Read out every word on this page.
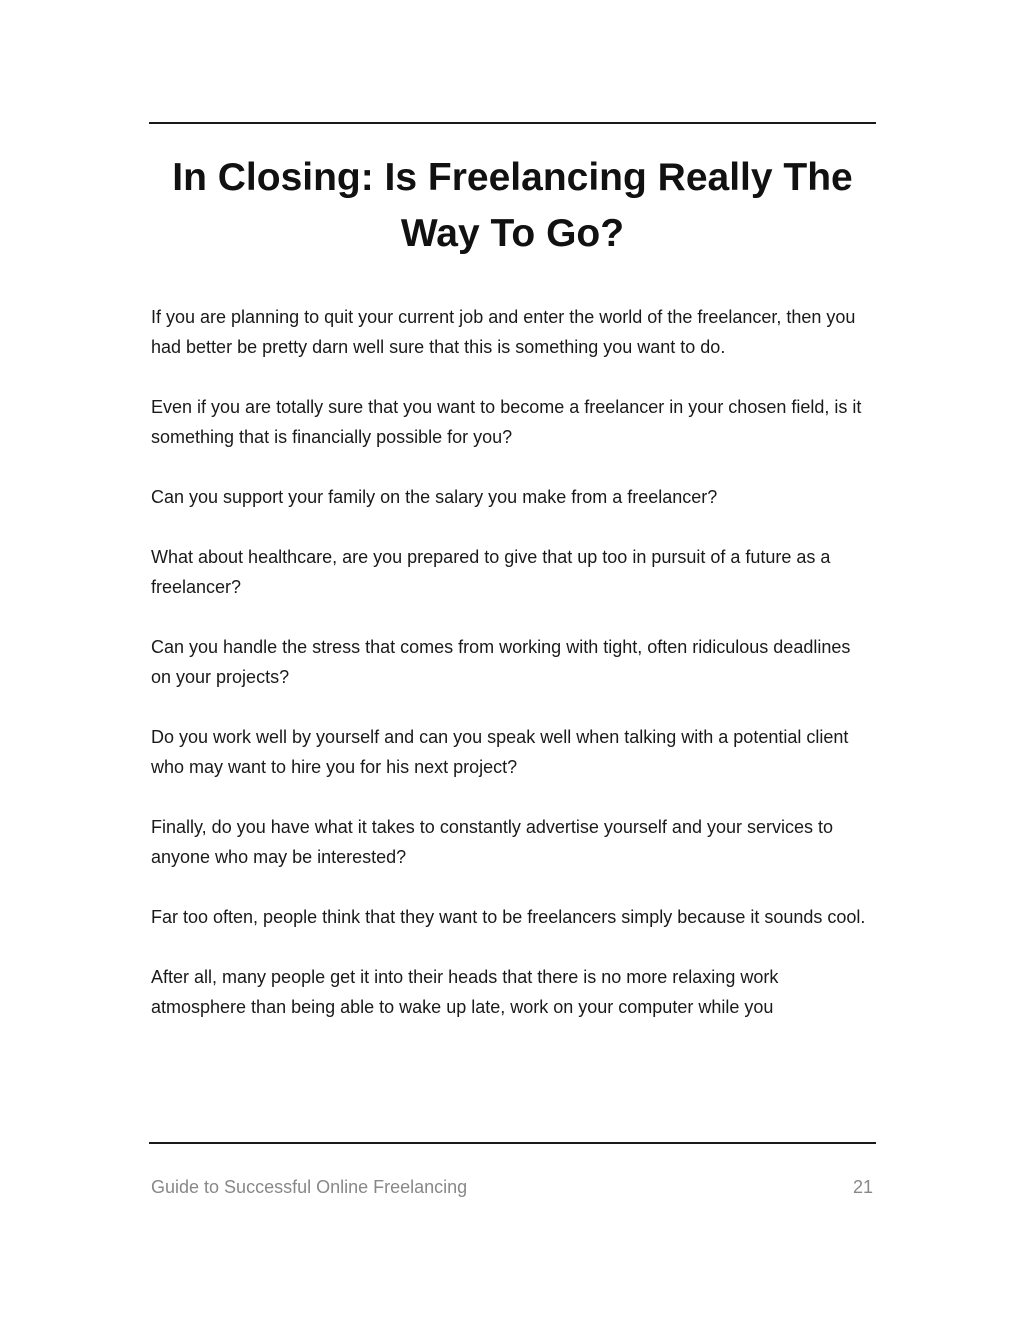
In Closing: Is Freelancing Really The Way To Go?

If you are planning to quit your current job and enter the world of the freelancer, then you had better be pretty darn well sure that this is something you want to do.

Even if you are totally sure that you want to become a freelancer in your chosen field, is it something that is financially possible for you?

Can you support your family on the salary you make from a freelancer?

What about healthcare, are you prepared to give that up too in pursuit of a future as a freelancer?

Can you handle the stress that comes from working with tight, often ridiculous deadlines on your projects?

Do you work well by yourself and can you speak well when talking with a potential client who may want to hire you for his next project?

Finally, do you have what it takes to constantly advertise yourself and your services to anyone who may be interested?

Far too often, people think that they want to be freelancers simply because it sounds cool.

After all, many people get it into their heads that there is no more relaxing work atmosphere than being able to wake up late, work on your computer while you

Guide to Successful Online Freelancing	21
